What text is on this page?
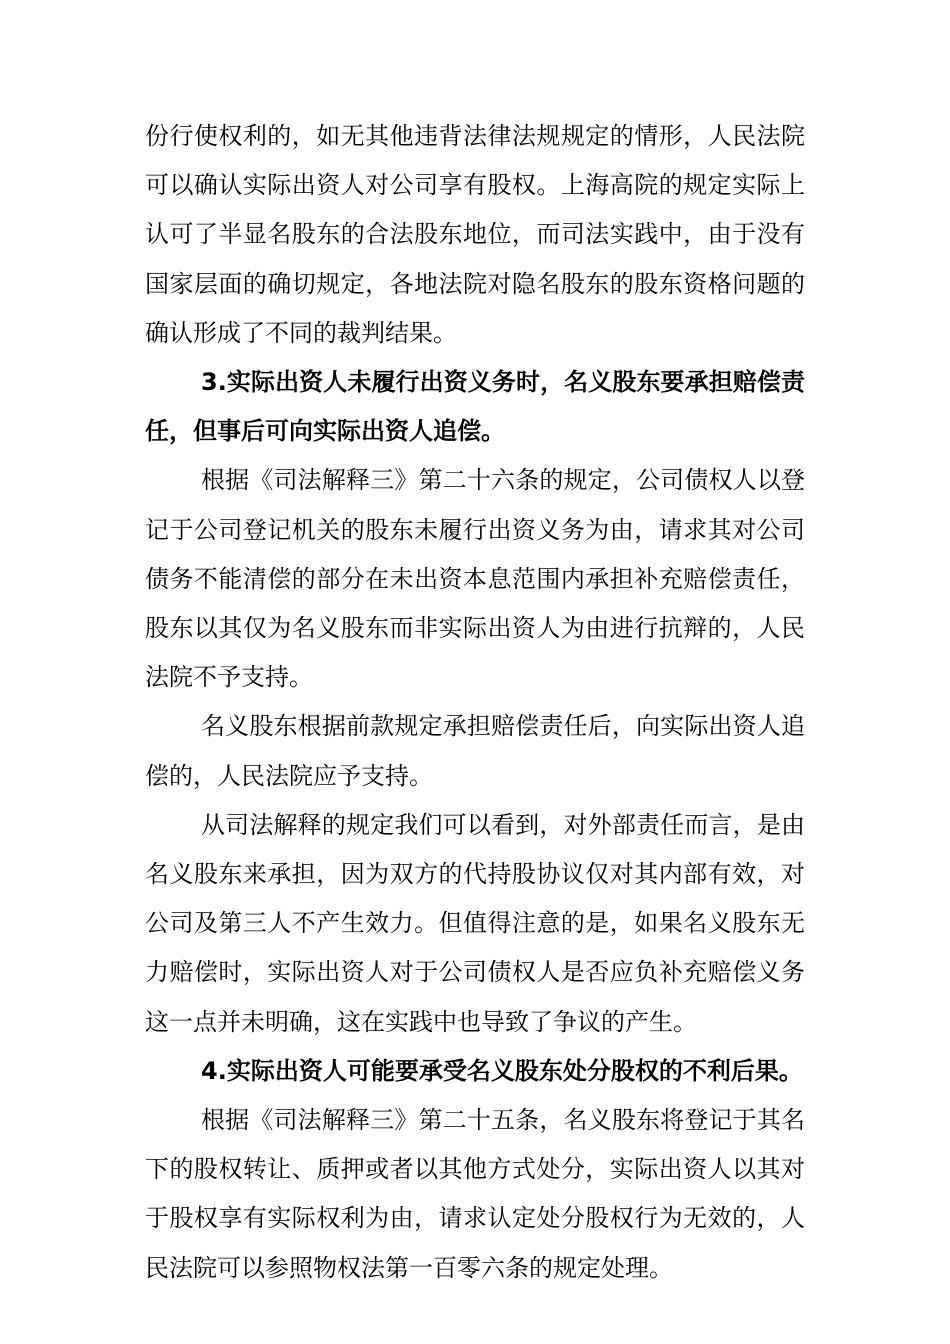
份行使权利的，如无其他违背法律法规规定的情形，人民法院可以确认实际出资人对公司享有股权。上海高院的规定实际上认可了半显名股东的合法股东地位，而司法实践中，由于没有国家层面的确切规定，各地法院对隐名股东的股东资格问题的确认形成了不同的裁判结果。

3.实际出资人未履行出资义务时，名义股东要承担赔偿责任，但事后可向实际出资人追偿。

根据《司法解释三》第二十六条的规定，公司债权人以登记于公司登记机关的股东未履行出资义务为由，请求其对公司债务不能清偿的部分在未出资本息范围内承担补充赔偿责任，股东以其仅为名义股东而非实际出资人为由进行抗辩的，人民法院不予支持。

名义股东根据前款规定承担赔偿责任后，向实际出资人追偿的，人民法院应予支持。

从司法解释的规定我们可以看到，对外部责任而言，是由名义股东来承担，因为双方的代持股协议仅对其内部有效，对公司及第三人不产生效力。但值得注意的是，如果名义股东无力赔偿时，实际出资人对于公司债权人是否应负补充赔偿义务这一点并未明确，这在实践中也导致了争议的产生。

4.实际出资人可能要承受名义股东处分股权的不利后果。

根据《司法解释三》第二十五条，名义股东将登记于其名下的股权转让、质押或者以其他方式处分，实际出资人以其对于股权享有实际权利为由，请求认定处分股权行为无效的，人民法院可以参照物权法第一百零六条的规定处理。
